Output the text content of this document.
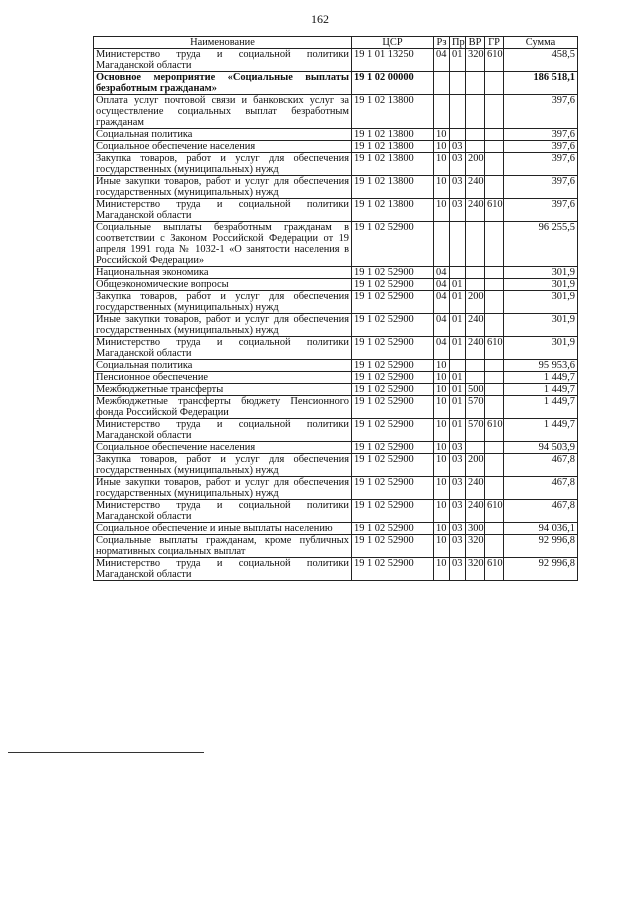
162
Наименование	ЦСР	Рз	Пр	ВР	ГР	Сумма
Министерство труда и социальной политики Магаданской области	19 1 01 13250	04	01	320	610	458,5
Основное мероприятие «Социальные выплаты безработным гражданам»	19 1 02 00000					186 518,1
Оплата услуг почтовой связи и банковских услуг за осуществление социальных выплат безработным гражданам	19 1 02 13800					397,6
Социальная политика	19 1 02 13800	10				397,6
Социальное обеспечение населения	19 1 02 13800	10	03			397,6
Закупка товаров, работ и услуг для обеспечения государственных (муниципальных) нужд	19 1 02 13800	10	03	200		397,6
Иные закупки товаров, работ и услуг для обеспечения государственных (муниципальных) нужд	19 1 02 13800	10	03	240		397,6
Министерство труда и социальной политики Магаданской области	19 1 02 13800	10	03	240	610	397,6
Социальные выплаты безработным гражданам в соответствии с Законом Российской Федерации от 19 апреля 1991 года № 1032-1 «О занятости населения в Российской Федерации»	19 1 02 52900					96 255,5
Национальная экономика	19 1 02 52900	04				301,9
Общеэкономические вопросы	19 1 02 52900	04	01			301,9
Закупка товаров, работ и услуг для обеспечения государственных (муниципальных) нужд	19 1 02 52900	04	01	200		301,9
Иные закупки товаров, работ и услуг для обеспечения государственных (муниципальных) нужд	19 1 02 52900	04	01	240		301,9
Министерство труда и социальной политики Магаданской области	19 1 02 52900	04	01	240	610	301,9
Социальная политика	19 1 02 52900	10				95 953,6
Пенсионное обеспечение	19 1 02 52900	10	01			1 449,7
Межбюджетные трансферты	19 1 02 52900	10	01	500		1 449,7
Межбюджетные трансферты бюджету Пенсионного фонда Российской Федерации	19 1 02 52900	10	01	570		1 449,7
Министерство труда и социальной политики Магаданской области	19 1 02 52900	10	01	570	610	1 449,7
Социальное обеспечение населения	19 1 02 52900	10	03			94 503,9
Закупка товаров, работ и услуг для обеспечения государственных (муниципальных) нужд	19 1 02 52900	10	03	200		467,8
Иные закупки товаров, работ и услуг для обеспечения государственных (муниципальных) нужд	19 1 02 52900	10	03	240		467,8
Министерство труда и социальной политики Магаданской области	19 1 02 52900	10	03	240	610	467,8
Социальное обеспечение и иные выплаты населению	19 1 02 52900	10	03	300		94 036,1
Социальные выплаты гражданам, кроме публичных нормативных социальных выплат	19 1 02 52900	10	03	320		92 996,8
Министерство труда и социальной политики Магаданской области	19 1 02 52900	10	03	320	610	92 996,8
